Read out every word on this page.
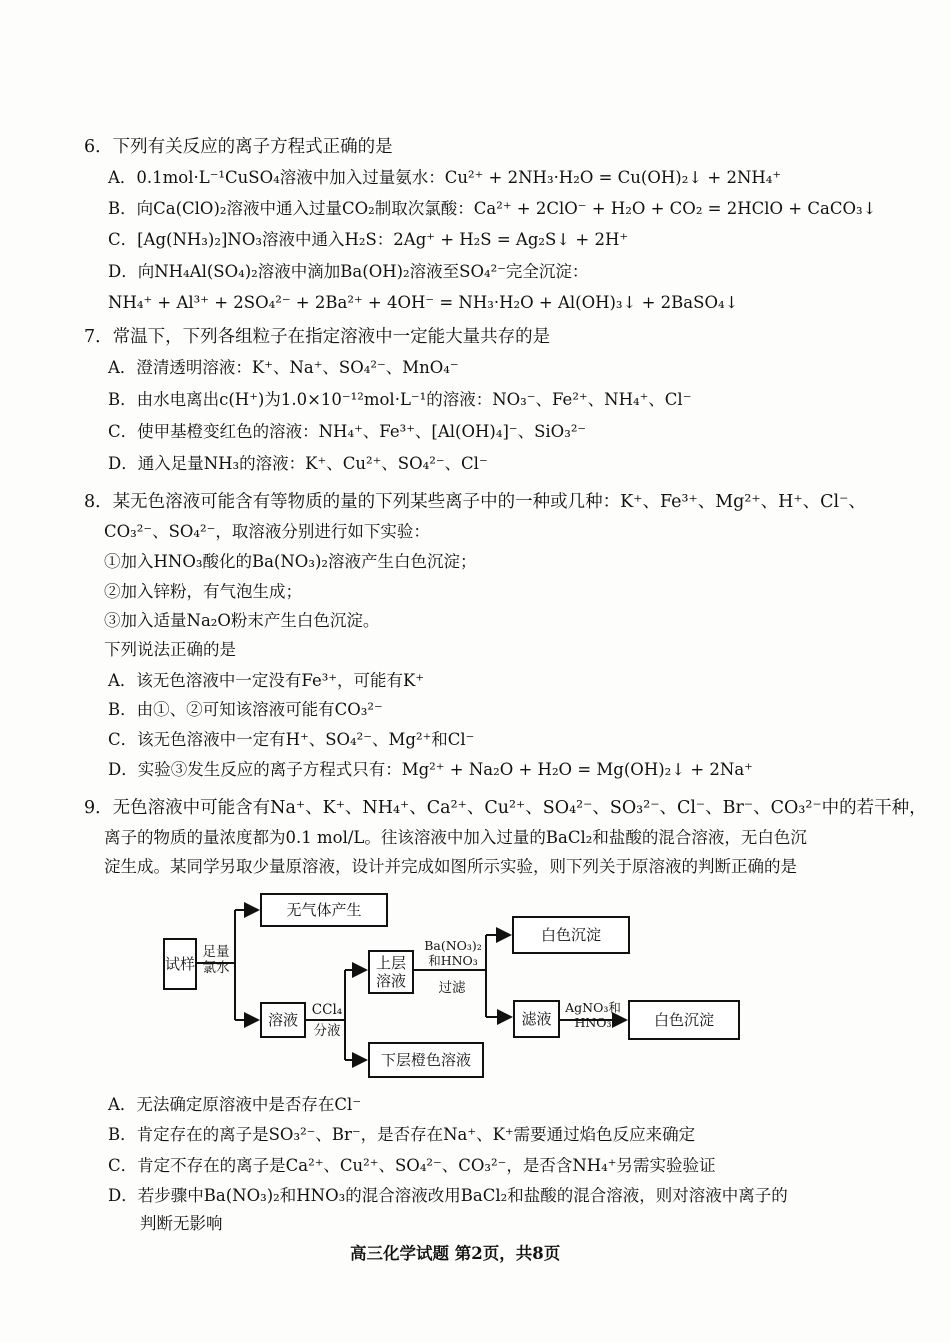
6．下列有关反应的离子方程式正确的是
A．0.1mol·L⁻¹CuSO₄溶液中加入过量氨水：Cu²⁺ + 2NH₃·H₂O = Cu(OH)₂↓ + 2NH₄⁺
B．向Ca(ClO)₂溶液中通入过量CO₂制取次氯酸：Ca²⁺ + 2ClO⁻ + H₂O + CO₂ = 2HClO + CaCO₃↓
C．[Ag(NH₃)₂]NO₃溶液中通入H₂S：2Ag⁺ + H₂S = Ag₂S↓ + 2H⁺
D．向NH₄Al(SO₄)₂溶液中滴加Ba(OH)₂溶液至SO₄²⁻完全沉淀：
NH₄⁺ + Al³⁺ + 2SO₄²⁻ + 2Ba²⁺ + 4OH⁻ = NH₃·H₂O + Al(OH)₃↓ + 2BaSO₄↓
7．常温下，下列各组粒子在指定溶液中一定能大量共存的是
A．澄清透明溶液：K⁺、Na⁺、SO₄²⁻、MnO₄⁻
B．由水电离出c(H⁺)为1.0×10⁻¹²mol·L⁻¹的溶液：NO₃⁻、Fe²⁺、NH₄⁺、Cl⁻
C．使甲基橙变红色的溶液：NH₄⁺、Fe³⁺、[Al(OH)₄]⁻、SiO₃²⁻
D．通入足量NH₃的溶液：K⁺、Cu²⁺、SO₄²⁻、Cl⁻
8．某无色溶液可能含有等物质的量的下列某些离子中的一种或几种：K⁺、Fe³⁺、Mg²⁺、H⁺、Cl⁻、
CO₃²⁻、SO₄²⁻，取溶液分别进行如下实验：
①加入HNO₃酸化的Ba(NO₃)₂溶液产生白色沉淀；
②加入锌粉，有气泡生成；
③加入适量Na₂O粉末产生白色沉淀。
下列说法正确的是
A．该无色溶液中一定没有Fe³⁺，可能有K⁺
B．由①、②可知该溶液可能有CO₃²⁻
C．该无色溶液中一定有H⁺、SO₄²⁻、Mg²⁺和Cl⁻
D．实验③发生反应的离子方程式只有：Mg²⁺ + Na₂O + H₂O = Mg(OH)₂↓ + 2Na⁺
9．无色溶液中可能含有Na⁺、K⁺、NH₄⁺、Ca²⁺、Cu²⁺、SO₄²⁻、SO₃²⁻、Cl⁻、Br⁻、CO₃²⁻中的若干种，
离子的物质的量浓度都为0.1 mol/L。往该溶液中加入过量的BaCl₂和盐酸的混合溶液，无白色沉
淀生成。某同学另取少量原溶液，设计并完成如图所示实验，则下列关于原溶液的判断正确的是
试样
足量氯水
无气体产生
溶液
CCl₄
分液
上层溶液
下层橙色溶液
Ba(NO₃)₂和HNO₃
过滤
白色沉淀
滤液
AgNO₃和HNO₃	白色沉淀
A．无法确定原溶液中是否存在Cl⁻
B．肯定存在的离子是SO₃²⁻、Br⁻，是否存在Na⁺、K⁺需要通过焰色反应来确定
C．肯定不存在的离子是Ca²⁺、Cu²⁺、SO₄²⁻、CO₃²⁻，是否含NH₄⁺另需实验验证
D．若步骤中Ba(NO₃)₂和HNO₃的混合溶液改用BaCl₂和盐酸的混合溶液，则对溶液中离子的
判断无影响
高三化学试题 第2页，共8页
